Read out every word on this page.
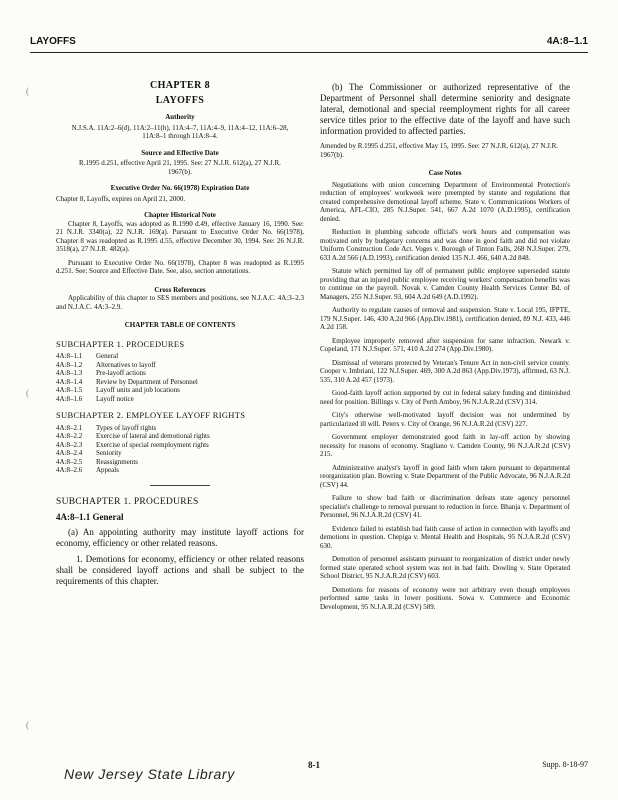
LAYOFFS	4A:8–1.1
(
(
(
CHAPTER 8
LAYOFFS
Authority
N.J.S.A. 11A:2–6(d), 11A:2–11(h), 11A:4–7, 11A:4–9, 11A:4–12, 11A:6–28, 11A:8–1 through 11A:8–4.
Source and Effective Date
R.1995 d.251, effective April 21, 1995. See: 27 N.J.R. 612(a), 27 N.J.R. 1967(b).
Executive Order No. 66(1978) Expiration Date
Chapter 8, Layoffs, expires on April 21, 2000.
Chapter Historical Note

Chapter 8, Layoffs, was adopted as R.1990 d.49, effective January 16, 1990. See: 21 N.J.R. 3340(a), 22 N.J.R. 169(a). Pursuant to Executive Order No. 66(1978), Chapter 8 was readopted as R.1995 d.55, effective December 30, 1994. See: 26 N.J.R. 3518(a), 27 N.J.R. 482(a).

Pursuant to Executive Order No. 66(1978), Chapter 8 was readopted as R.1995 d.251. See: Source and Effective Date. See, also, section annotations.

Cross References

Applicability of this chapter to SES members and positions, see N.J.A.C. 4A:3–2.3 and N.J.A.C. 4A:3–2.9.

CHAPTER TABLE OF CONTENTS
SUBCHAPTER 1. PROCEDURES
4A:8–1.1	General
4A:8–1.2	Alternatives to layoff
4A:8–1.3	Pre-layoff actions
4A:8–1.4	Review by Department of Personnel
4A:8–1.5	Layoff units and job locations
4A:8–1.6	Layoff notice
SUBCHAPTER 2. EMPLOYEE LAYOFF RIGHTS
4A:8–2.1	Types of layoff rights
4A:8–2.2	Exercise of lateral and demotional rights
4A:8–2.3	Exercise of special reemployment rights
4A:8–2.4	Seniority
4A:8–2.5	Reassignments
4A:8–2.6	Appeals
SUBCHAPTER 1. PROCEDURES
4A:8–1.1 General

(a) An appointing authority may institute layoff actions for economy, efficiency or other related reasons.

1. Demotions for economy, efficiency or other related reasons shall be considered layoff actions and shall be subject to the requirements of this chapter.

(b) The Commissioner or authorized representative of the Department of Personnel shall determine seniority and designate lateral, demotional and special reemployment rights for all career service titles prior to the effective date of the layoff and have such information provided to affected parties.

Amended by R.1995 d.251, effective May 15, 1995. See: 27 N.J.R. 612(a), 27 N.J.R. 1967(b).
Case Notes

Negotiations with union concerning Department of Environmental Protection's reduction of employees' workweek were preempted by statute and regulations that created comprehensive demotional layoff scheme. State v. Communications Workers of America, AFL-CIO, 285 N.J.Super. 541, 667 A.2d 1070 (A.D.1995), certification denied.

Reduction in plumbing subcode official's work hours and compensation was motivated only by budgetary concerns and was done in good faith and did not violate Uniform Construction Code Act. Voges v. Borough of Tinton Falls, 268 N.J.Super. 279, 633 A.2d 566 (A.D.1993), certification denied 135 N.J. 466, 640 A.2d 848.

Statute which permitted lay off of permanent public employee superseded statute providing that an injured public employee receiving workers' compensation benefits was to continue on the payroll. Novak v. Camden County Health Services Center Bd. of Managers, 255 N.J.Super. 93, 604 A.2d 649 (A.D.1992).

Authority to regulate causes of removal and suspension. State v. Local 195, IFPTE, 179 N.J.Super. 146, 430 A.2d 966 (App.Div.1981), certification denied, 89 N.J. 433, 446 A.2d 158.

Employee improperly removed after suspension for same infraction. Newark v. Copeland, 171 N.J.Super. 571, 410 A.2d 274 (App.Div.1980).

Dismissal of veterans protected by Veteran's Tenure Act in non-civil service county. Cooper v. Imbriani, 122 N.J.Super. 469, 300 A.2d 863 (App.Div.1973), affirmed, 63 N.J. 535, 310 A.2d 457 (1973).

Good-faith layoff action supported by cut in federal salary funding and diminished need for position. Billings v. City of Perth Amboy, 96 N.J.A.R.2d (CSV) 314.

City's otherwise well-motivated layoff decision was not undermined by particularized ill will. Peters v. City of Orange, 96 N.J.A.R.2d (CSV) 227.

Government employer demonstrated good faith in lay-off action by showing necessity for reasons of economy. Stagliano v. Camden County, 96 N.J.A.R.2d (CSV) 215.

Administrative analyst's layoff in good faith when taken pursuant to departmental reorganization plan. Bowring v. State Department of the Public Advocate, 96 N.J.A.R.2d (CSV) 44.

Failure to show bad faith or discrimination defeats state agency personnel specialist's challenge to removal pursuant to reduction in force. Bhanja v. Department of Personnel, 96 N.J.A.R.2d (CSV) 41.

Evidence failed to establish bad faith cause of action in connection with layoffs and demotions in question. Chepiga v. Mental Health and Hospitals, 95 N.J.A.R.2d (CSV) 630.

Demotion of personnel assistants pursuant to reorganization of district under newly formed state operated school system was not in bad faith. Dowling v. State Operated School District, 95 N.J.A.R.2d (CSV) 603.

Demotions for reasons of economy were not arbitrary even though employees performed same tasks in lower positions. Sowa v. Commerce and Economic Development, 95 N.J.A.R.2d (CSV) 589.

New Jersey State Library
8-1	Supp. 8-18-97
